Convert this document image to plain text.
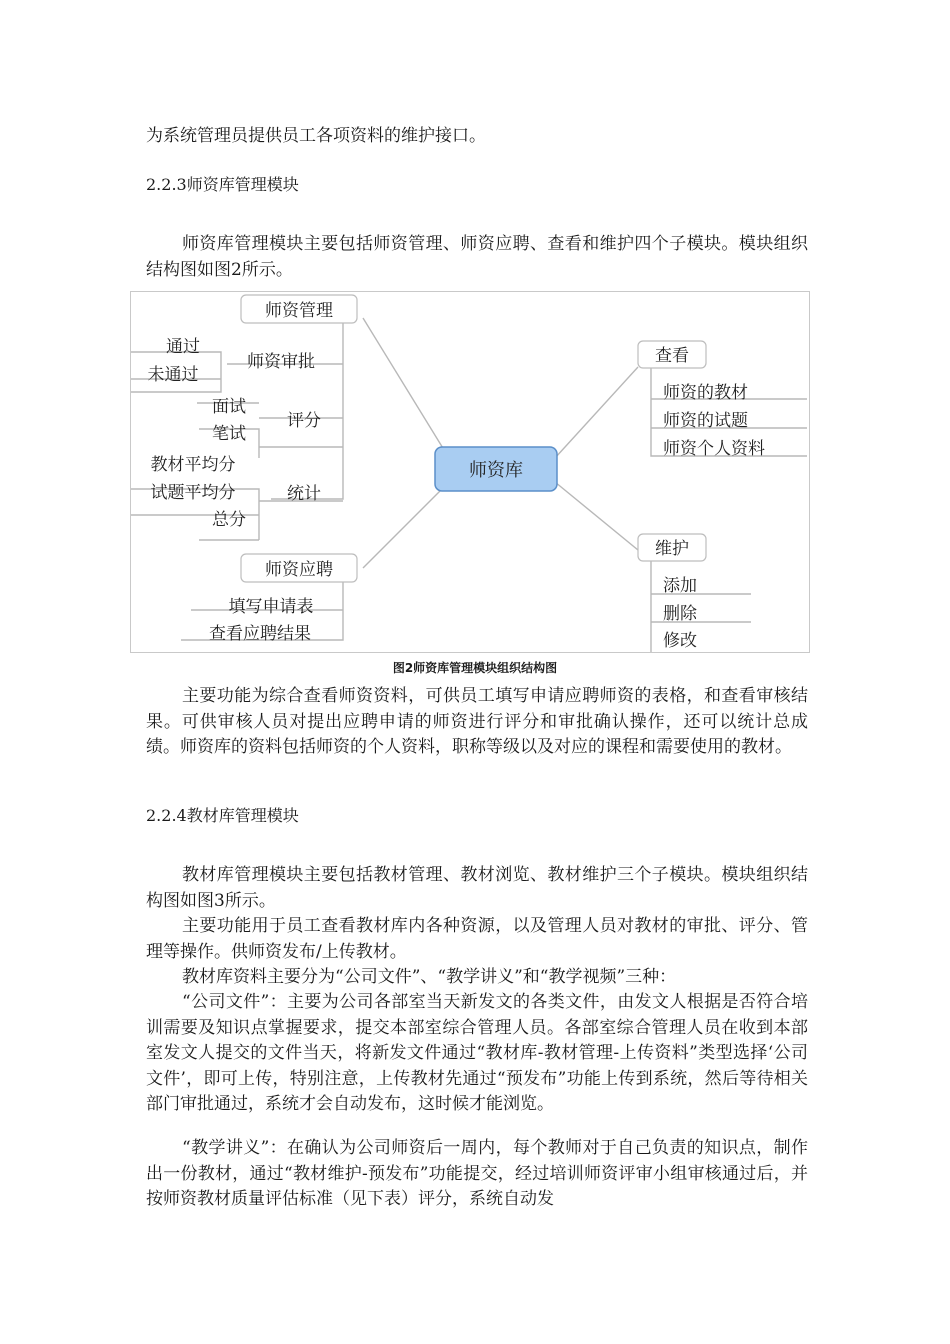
为系统管理员提供员工各项资料的维护接口。
2.2.3师资库管理模块
师资库管理模块主要包括师资管理、师资应聘、查看和维护四个子模块。模块组织结构图如图2所示。
师资库
师资管理
师资审批
通过
未通过
评分
面试
笔试
统计
教材平均分
试题平均分
总分
师资应聘
填写申请表
查看应聘结果
查看
师资的教材
师资的试题
师资个人资料
维护
添加
删除
修改
图2师资库管理模块组织结构图
主要功能为综合查看师资资料，可供员工填写申请应聘师资的表格，和查看审核结果。可供审核人员对提出应聘申请的师资进行评分和审批确认操作，还可以统计总成绩。师资库的资料包括师资的个人资料，职称等级以及对应的课程和需要使用的教材。
2.2.4教材库管理模块
教材库管理模块主要包括教材管理、教材浏览、教材维护三个子模块。模块组织结构图如图3所示。
主要功能用于员工查看教材库内各种资源，以及管理人员对教材的审批、评分、管理等操作。供师资发布/上传教材。
教材库资料主要分为“公司文件”、“教学讲义”和“教学视频”三种：
“公司文件”：主要为公司各部室当天新发文的各类文件，由发文人根据是否符合培训需要及知识点掌握要求，提交本部室综合管理人员。各部室综合管理人员在收到本部室发文人提交的文件当天，将新发文件通过“教材库-教材管理-上传资料”类型选择‘公司文件’，即可上传，特别注意，上传教材先通过“预发布”功能上传到系统，然后等待相关部门审批通过，系统才会自动发布，这时候才能浏览。
“教学讲义”：在确认为公司师资后一周内，每个教师对于自己负责的知识点，制作出一份教材，通过“教材维护-预发布”功能提交，经过培训师资评审小组审核通过后，并按师资教材质量评估标准（见下表）评分，系统自动发
